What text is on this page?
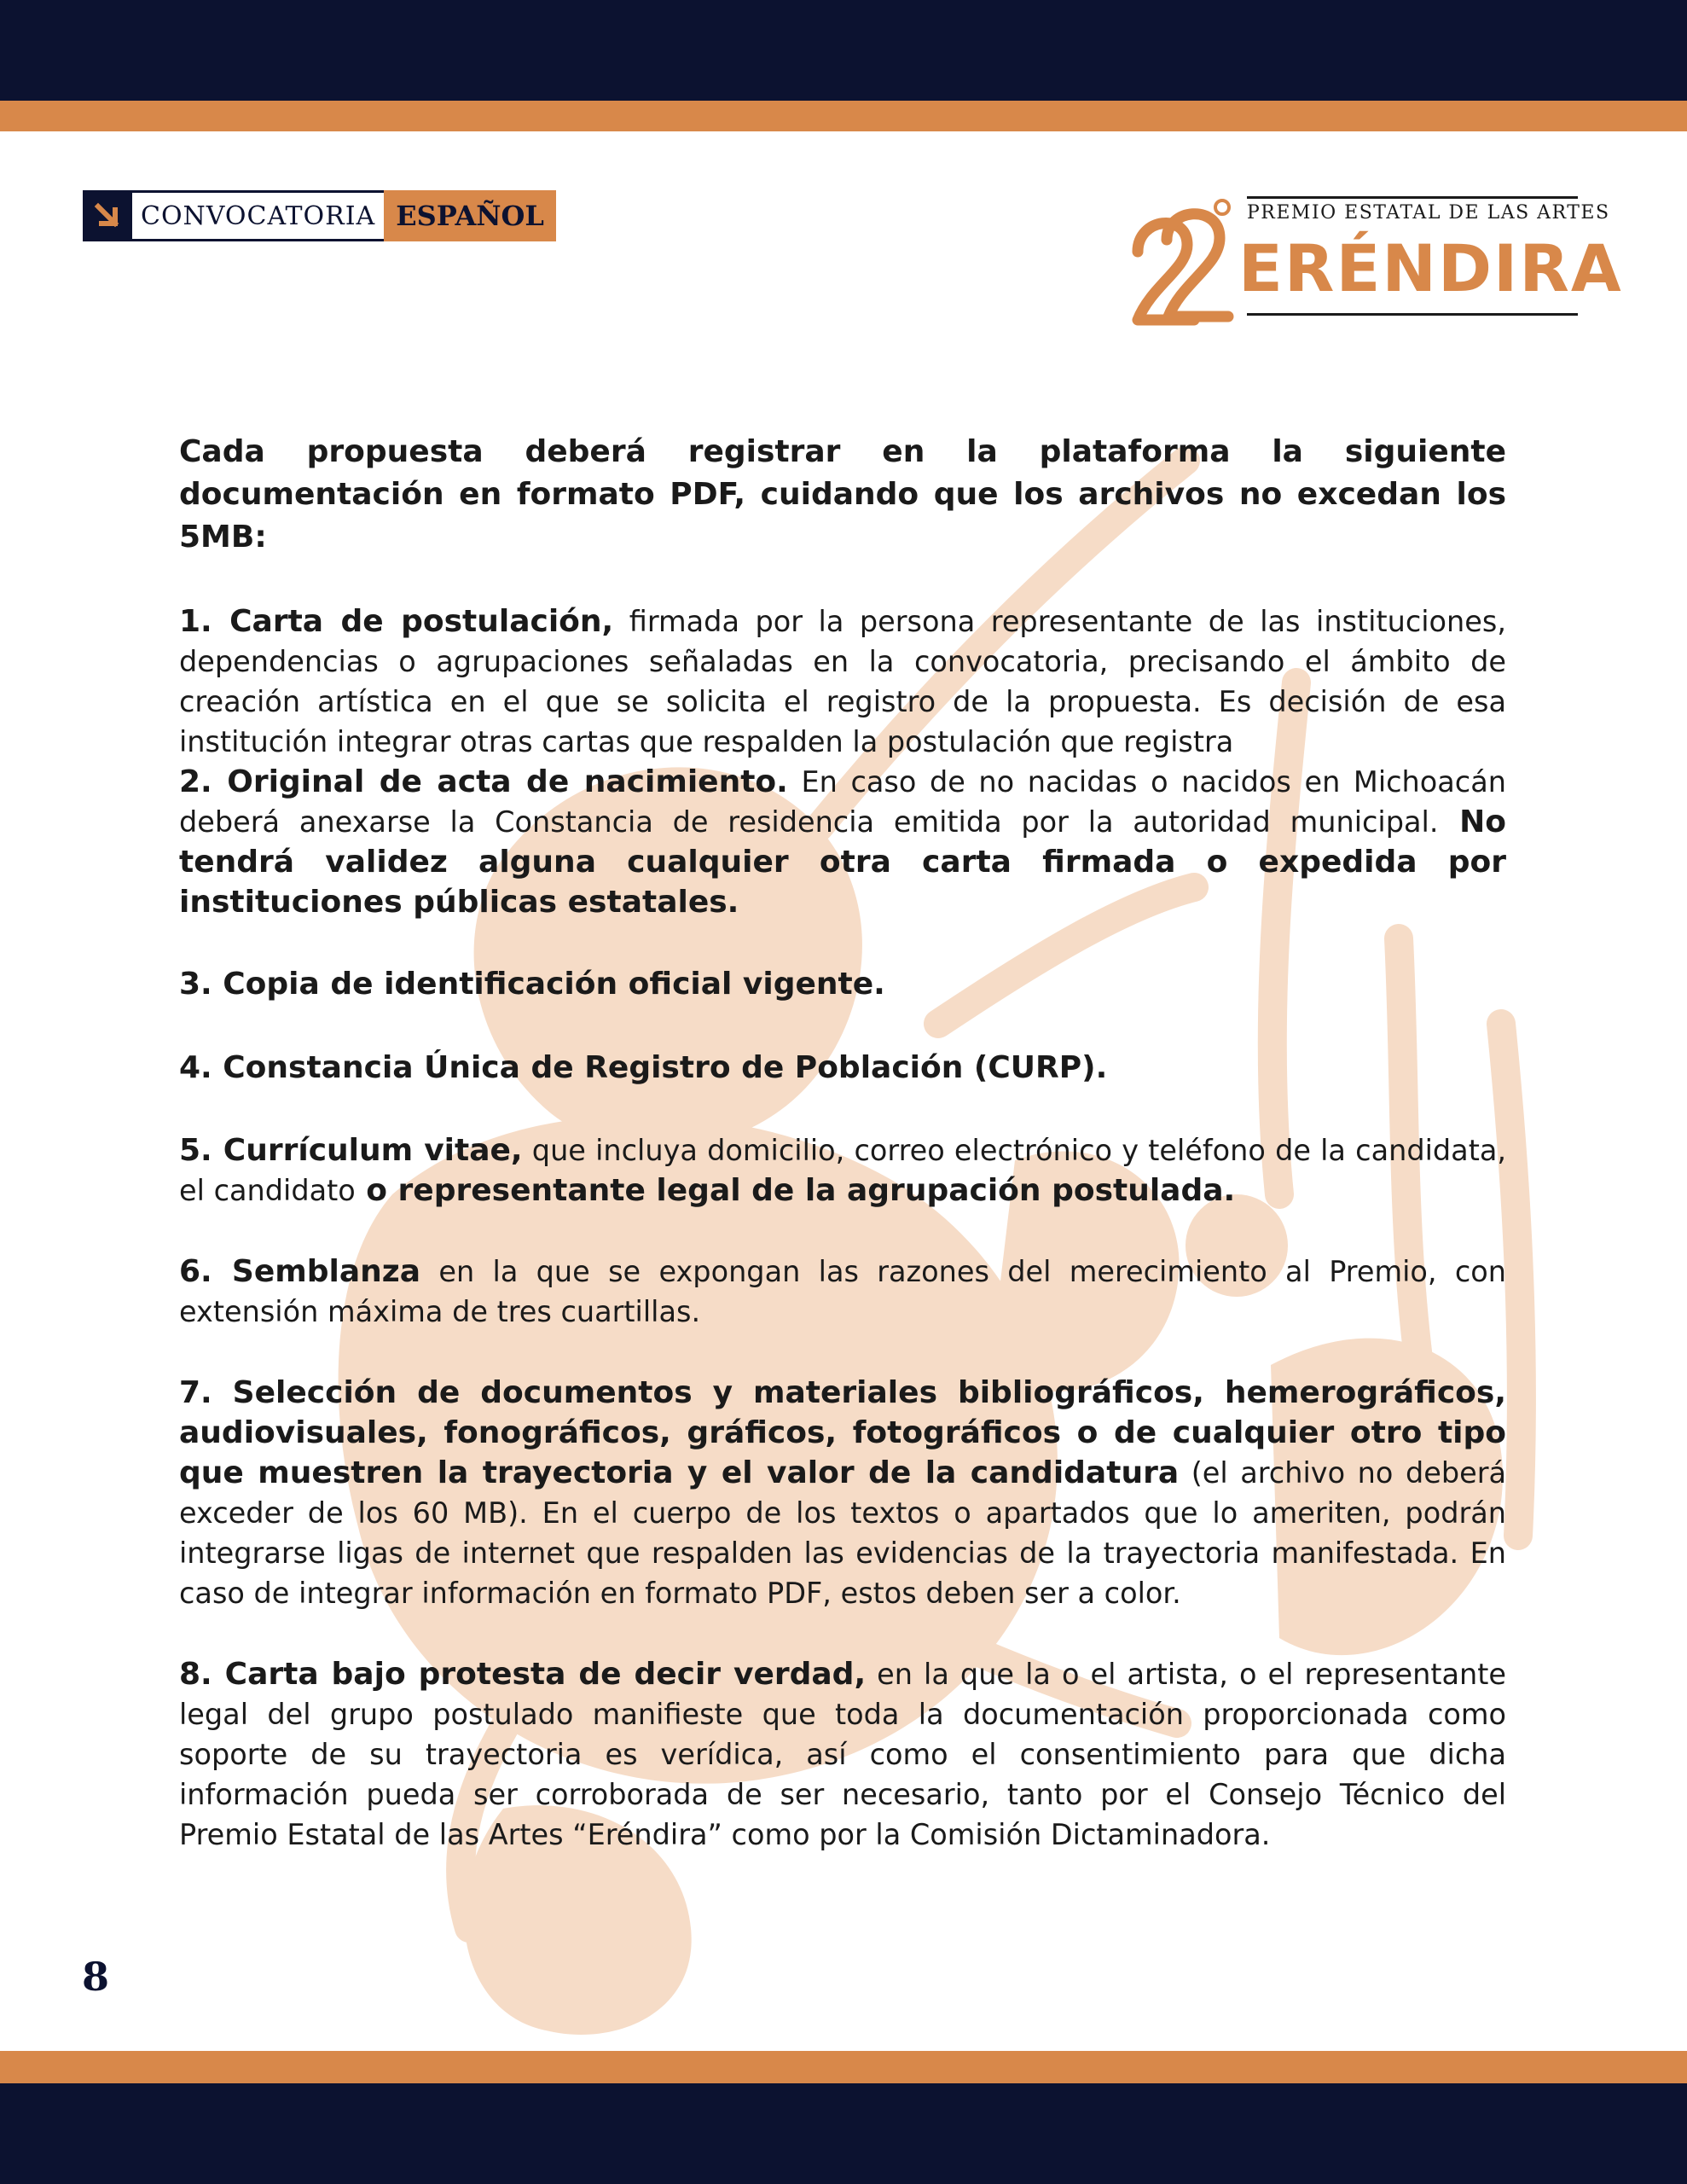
CONVOCATORIA ESPAÑOL	PREMIO ESTATAL DE LAS ARTES
ERÉNDIRA

Cada propuesta deberá registrar en la plataforma la siguiente documentación en formato PDF, cuidando que los archivos no excedan los 5MB:

1. Carta de postulación, firmada por la persona representante de las instituciones, dependencias o agrupaciones señaladas en la convocatoria, precisando el ámbito de creación artística en el que se solicita el registro de la propuesta. Es decisión de esa institución integrar otras cartas que respalden la postulación que registra

2. Original de acta de nacimiento. En caso de no nacidas o nacidos en Michoacán deberá anexarse la Constancia de residencia emitida por la autoridad municipal. No tendrá validez alguna cualquier otra carta firmada o expedida por instituciones públicas estatales.

3. Copia de identificación oficial vigente.

4. Constancia Única de Registro de Población (CURP).

5. Currículum vitae, que incluya domicilio, correo electrónico y teléfono de la candidata, el candidato o representante legal de la agrupación postulada.

6. Semblanza en la que se expongan las razones del merecimiento al Premio, con extensión máxima de tres cuartillas.

7. Selección de documentos y materiales bibliográficos, hemerográficos, audiovisuales, fonográficos, gráficos, fotográficos o de cualquier otro tipo que muestren la trayectoria y el valor de la candidatura (el archivo no deberá exceder de los 60 MB). En el cuerpo de los textos o apartados que lo ameriten, podrán integrarse ligas de internet que respalden las evidencias de la trayectoria manifestada. En caso de integrar información en formato PDF, estos deben ser a color.

8. Carta bajo protesta de decir verdad, en la que la o el artista, o el representante legal del grupo postulado manifieste que toda la documentación proporcionada como soporte de su trayectoria es verídica, así como el consentimiento para que dicha información pueda ser corroborada de ser necesario, tanto por el Consejo Técnico del Premio Estatal de las Artes “Eréndira” como por la Comisión Dictaminadora.

8
